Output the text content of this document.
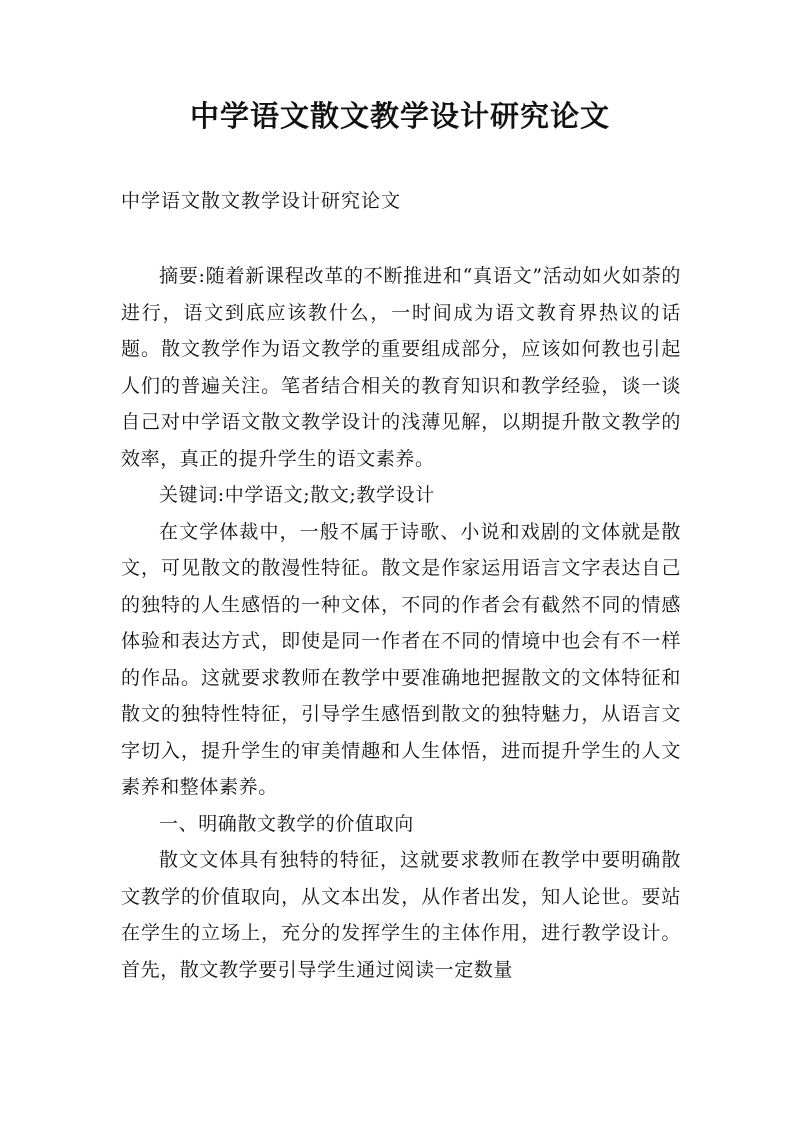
中学语文散文教学设计研究论文
中学语文散文教学设计研究论文

摘要:随着新课程改革的不断推进和“真语文”活动如火如荼的进行，语文到底应该教什么，一时间成为语文教育界热议的话题。散文教学作为语文教学的重要组成部分，应该如何教也引起人们的普遍关注。笔者结合相关的教育知识和教学经验，谈一谈自己对中学语文散文教学设计的浅薄见解，以期提升散文教学的效率，真正的提升学生的语文素养。

关键词:中学语文;散文;教学设计

在文学体裁中，一般不属于诗歌、小说和戏剧的文体就是散文，可见散文的散漫性特征。散文是作家运用语言文字表达自己的独特的人生感悟的一种文体，不同的作者会有截然不同的情感体验和表达方式，即使是同一作者在不同的情境中也会有不一样的作品。这就要求教师在教学中要准确地把握散文的文体特征和散文的独特性特征，引导学生感悟到散文的独特魅力，从语言文字切入，提升学生的审美情趣和人生体悟，进而提升学生的人文素养和整体素养。

一、明确散文教学的价值取向

散文文体具有独特的特征，这就要求教师在教学中要明确散文教学的价值取向，从文本出发，从作者出发，知人论世。要站在学生的立场上，充分的发挥学生的主体作用，进行教学设计。首先，散文教学要引导学生通过阅读一定数量
